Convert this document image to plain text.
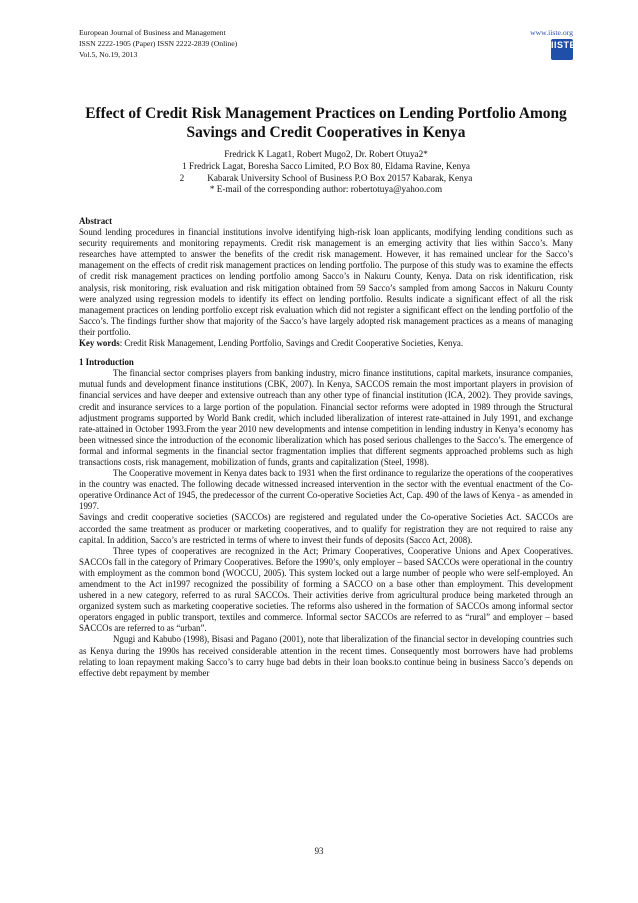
European Journal of Business and Management
ISSN 2222-1905 (Paper) ISSN 2222-2839 (Online)
Vol.5, No.19, 2013
www.iiste.org
IISTE
Effect of Credit Risk Management Practices on Lending Portfolio Among Savings and Credit Cooperatives in Kenya
Fredrick K Lagat1, Robert Mugo2, Dr. Robert Otuya2*
1 Fredrick Lagat, Boresha Sacco Limited, P.O Box 80, Eldama Ravine, Kenya
2          Kabarak University School of Business P.O Box 20157 Kabarak, Kenya
* E-mail of the corresponding author: robertotuya@yahoo.com

Abstract

Sound lending procedures in financial institutions involve identifying high-risk loan applicants, modifying lending conditions such as security requirements and monitoring repayments. Credit risk management is an emerging activity that lies within Sacco’s. Many researches have attempted to answer the benefits of the credit risk management. However, it has remained unclear for the Sacco’s management on the effects of credit risk management practices on lending portfolio. The purpose of this study was to examine the effects of credit risk management practices on lending portfolio among Sacco’s in Nakuru County, Kenya. Data on risk identification, risk analysis, risk monitoring, risk evaluation and risk mitigation obtained from 59 Sacco’s sampled from among Saccos in Nakuru County were analyzed using regression models to identify its effect on lending portfolio. Results indicate a significant effect of all the risk management practices on lending portfolio except risk evaluation which did not register a significant effect on the lending portfolio of the Sacco’s. The findings further show that majority of the Sacco’s have largely adopted risk management practices as a means of managing their portfolio.

Key words: Credit Risk Management, Lending Portfolio, Savings and Credit Cooperative Societies, Kenya.

1 Introduction

The financial sector comprises players from banking industry, micro finance institutions, capital markets, insurance companies, mutual funds and development finance institutions (CBK, 2007). In Kenya, SACCOS remain the most important players in provision of financial services and have deeper and extensive outreach than any other type of financial institution (ICA, 2002). They provide savings, credit and insurance services to a large portion of the population. Financial sector reforms were adopted in 1989 through the Structural adjustment programs supported by World Bank credit, which included liberalization of interest rate-attained in July 1991, and exchange rate-attained in October 1993.From the year 2010 new developments and intense competition in lending industry in Kenya’s economy has been witnessed since the introduction of the economic liberalization which has posed serious challenges to the Sacco’s. The emergence of formal and informal segments in the financial sector fragmentation implies that different segments approached problems such as high transactions costs, risk management, mobilization of funds, grants and capitalization (Steel, 1998).

The Cooperative movement in Kenya dates back to 1931 when the first ordinance to regularize the operations of the cooperatives in the country was enacted. The following decade witnessed increased intervention in the sector with the eventual enactment of the Co-operative Ordinance Act of 1945, the predecessor of the current Co-operative Societies Act, Cap. 490 of the laws of Kenya - as amended in 1997.

Savings and credit cooperative societies (SACCOs) are registered and regulated under the Co-operative Societies Act. SACCOs are accorded the same treatment as producer or marketing cooperatives, and to qualify for registration they are not required to raise any capital. In addition, Sacco’s are restricted in terms of where to invest their funds of deposits (Sacco Act, 2008).

Three types of cooperatives are recognized in the Act; Primary Cooperatives, Cooperative Unions and Apex Cooperatives. SACCOs fall in the category of Primary Cooperatives. Before the 1990’s, only employer – based SACCOs were operational in the country with employment as the common bond (WOCCU, 2005). This system locked out a large number of people who were self-employed. An amendment to the Act in1997 recognized the possibility of forming a SACCO on a base other than employment. This development ushered in a new category, referred to as rural SACCOs. Their activities derive from agricultural produce being marketed through an organized system such as marketing cooperative societies. The reforms also ushered in the formation of SACCOs among informal sector operators engaged in public transport, textiles and commerce. Informal sector SACCOs are referred to as “rural” and employer – based SACCOs are referred to as “urban”.

Ngugi and Kabubo (1998), Bisasi and Pagano (2001), note that liberalization of the financial sector in developing countries such as Kenya during the 1990s has received considerable attention in the recent times. Consequently most borrowers have had problems relating to loan repayment making Sacco’s to carry huge bad debts in their loan books.to continue being in business Sacco’s depends on effective debt repayment by member

93
